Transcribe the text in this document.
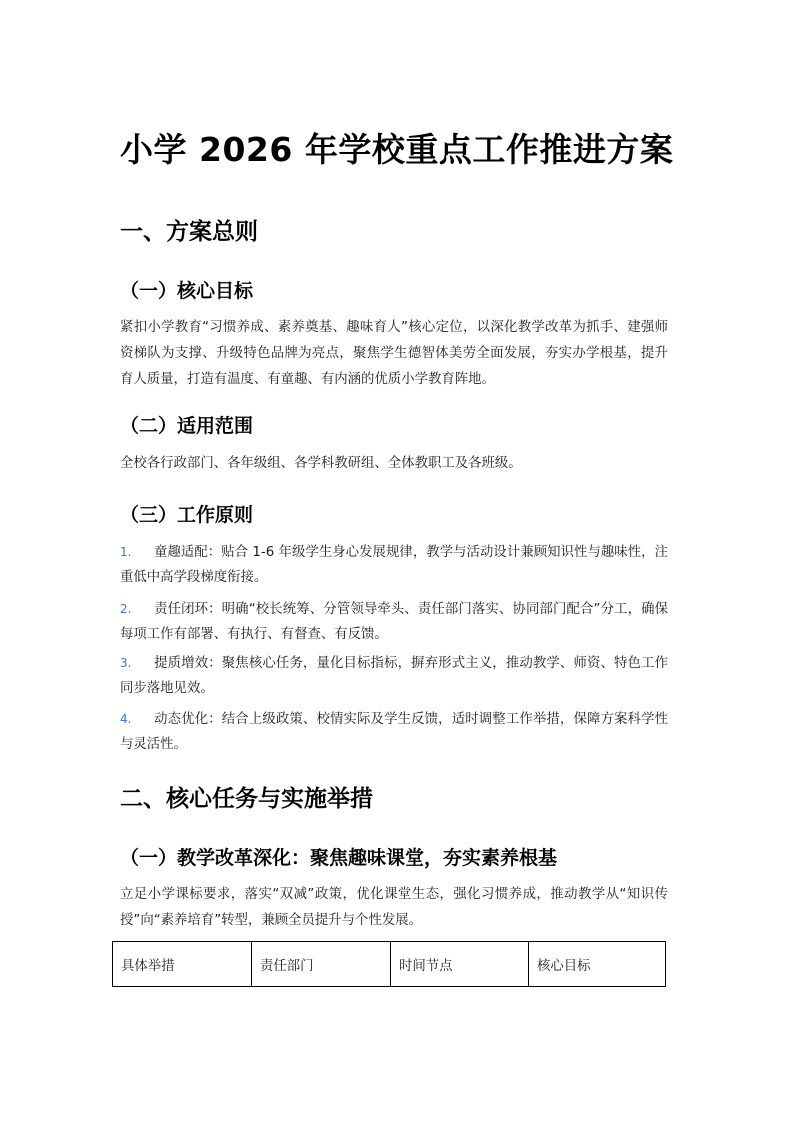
小学 2026 年学校重点工作推进方案
一、方案总则
（一）核心目标

紧扣小学教育“习惯养成、素养奠基、趣味育人”核心定位，以深化教学改革为抓手、建强师资梯队为支撑、升级特色品牌为亮点，聚焦学生德智体美劳全面发展，夯实办学根基，提升育人质量，打造有温度、有童趣、有内涵的优质小学教育阵地。

（二）适用范围

全校各行政部门、各年级组、各学科教研组、全体教职工及各班级。

（三）工作原则
1. 童趣适配：贴合 1-6 年级学生身心发展规律，教学与活动设计兼顾知识性与趣味性，注重低中高学段梯度衔接。
2. 责任闭环：明确“校长统筹、分管领导牵头、责任部门落实、协同部门配合”分工，确保每项工作有部署、有执行、有督查、有反馈。
3. 提质增效：聚焦核心任务，量化目标指标，摒弃形式主义，推动教学、师资、特色工作同步落地见效。
4. 动态优化：结合上级政策、校情实际及学生反馈，适时调整工作举措，保障方案科学性与灵活性。
二、核心任务与实施举措
（一）教学改革深化：聚焦趣味课堂，夯实素养根基

立足小学课标要求，落实“双减”政策，优化课堂生态，强化习惯养成，推动教学从“知识传授”向“素养培育”转型，兼顾全员提升与个性发展。

具体举措	责任部门	时间节点	核心目标
